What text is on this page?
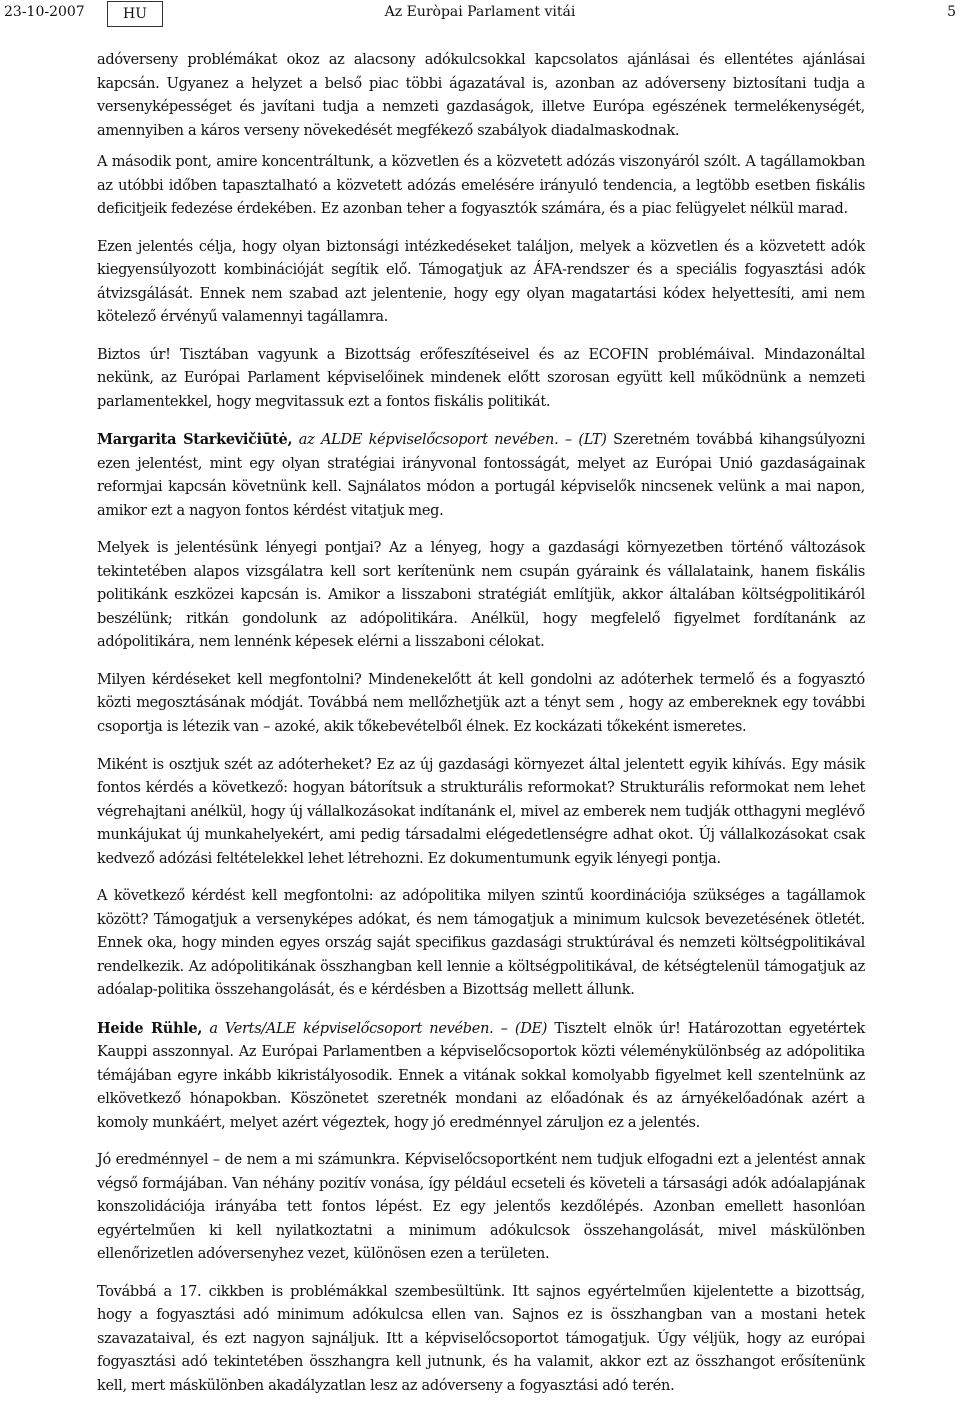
23-10-2007	HU	Az Euròpai Parlament vitái	5

adóverseny problémákat okoz az alacsony adókulcsokkal kapcsolatos ajánlásai és ellentétes ajánlásai kapcsán. Ugyanez a helyzet a belső piac többi ágazatával is, azonban az adóverseny biztosítani tudja a versenyképességet és javítani tudja a nemzeti gazdaságok, illetve Európa egészének termelékenységét, amennyiben a káros verseny növekedését megfékező szabályok diadalmaskodnak.

A második pont, amire koncentráltunk, a közvetlen és a közvetett adózás viszonyáról szólt. A tagállamokban az utóbbi időben tapasztalható a közvetett adózás emelésére irányuló tendencia, a legtöbb esetben fiskális deficitjeik fedezése érdekében. Ez azonban teher a fogyasztók számára, és a piac felügyelet nélkül marad.

Ezen jelentés célja, hogy olyan biztonsági intézkedéseket találjon, melyek a közvetlen és a közvetett adók kiegyensúlyozott kombinációját segítik elő. Támogatjuk az ÁFA-rendszer és a speciális fogyasztási adók átvizsgálását. Ennek nem szabad azt jelentenie, hogy egy olyan magatartási kódex helyettesíti, ami nem kötelező érvényű valamennyi tagállamra.

Biztos úr! Tisztában vagyunk a Bizottság erőfeszítéseivel és az ECOFIN problémáival. Mindazonáltal nekünk, az Európai Parlament képviselőinek mindenek előtt szorosan együtt kell működnünk a nemzeti parlamentekkel, hogy megvitassuk ezt a fontos fiskális politikát.

Margarita Starkevičiūtė, az ALDE képviselőcsoport nevében. – (LT) Szeretném továbbá kihangsúlyozni ezen jelentést, mint egy olyan stratégiai irányvonal fontosságát, melyet az Európai Unió gazdaságainak reformjai kapcsán követnünk kell. Sajnálatos módon a portugál képviselők nincsenek velünk a mai napon, amikor ezt a nagyon fontos kérdést vitatjuk meg.

Melyek is jelentésünk lényegi pontjai? Az a lényeg, hogy a gazdasági környezetben történő változások tekintetében alapos vizsgálatra kell sort kerítenünk nem csupán gyáraink és vállalataink, hanem fiskális politikánk eszközei kapcsán is. Amikor a lisszaboni stratégiát említjük, akkor általában költségpolitikáról beszélünk; ritkán gondolunk az adópolitikára. Anélkül, hogy megfelelő figyelmet fordítanánk az adópolitikára, nem lennénk képesek elérni a lisszaboni célokat.

Milyen kérdéseket kell megfontolni? Mindenekelőtt át kell gondolni az adóterhek termelő és a fogyasztó közti megosztásának módját. Továbbá nem mellőzhetjük azt a tényt sem , hogy az embereknek egy további csoportja is létezik van – azoké, akik tőkebevételből élnek. Ez kockázati tőkeként ismeretes.

Miként is osztjuk szét az adóterheket? Ez az új gazdasági környezet által jelentett egyik kihívás. Egy másik fontos kérdés a következő: hogyan bátorítsuk a strukturális reformokat? Strukturális reformokat nem lehet végrehajtani anélkül, hogy új vállalkozásokat indítanánk el, mivel az emberek nem tudják otthagyni meglévő munkájukat új munkahelyekért, ami pedig társadalmi elégedetlenségre adhat okot. Új vállalkozásokat csak kedvező adózási feltételekkel lehet létrehozni. Ez dokumentumunk egyik lényegi pontja.

A következő kérdést kell megfontolni: az adópolitika milyen szintű koordinációja szükséges a tagállamok között? Támogatjuk a versenyképes adókat, és nem támogatjuk a minimum kulcsok bevezetésének ötletét. Ennek oka, hogy minden egyes ország saját specifikus gazdasági struktúrával és nemzeti költségpolitikával rendelkezik. Az adópolitikának összhangban kell lennie a költségpolitikával, de kétségtelenül támogatjuk az adóalap-politika összehangolását, és e kérdésben a Bizottság mellett állunk.

Heide Rühle, a Verts/ALE képviselőcsoport nevében. – (DE) Tisztelt elnök úr! Határozottan egyetértek Kauppi asszonnyal. Az Európai Parlamentben a képviselőcsoportok közti véleménykülönbség az adópolitika témájában egyre inkább kikristályosodik. Ennek a vitának sokkal komolyabb figyelmet kell szentelnünk az elkövetkező hónapokban. Köszönetet szeretnék mondani az előadónak és az árnyékelőadónak azért a komoly munkáért, melyet azért végeztek, hogy jó eredménnyel záruljon ez a jelentés.

Jó eredménnyel – de nem a mi számunkra. Képviselőcsoportként nem tudjuk elfogadni ezt a jelentést annak végső formájában. Van néhány pozitív vonása, így például ecseteli és követeli a társasági adók adóalapjának konszolidációja irányába tett fontos lépést. Ez egy jelentős kezdőlépés. Azonban emellett hasonlóan egyértelműen ki kell nyilatkoztatni a minimum adókulcsok összehangolását, mivel máskülönben ellenőrizetlen adóversenyhez vezet, különösen ezen a területen.

Továbbá a 17. cikkben is problémákkal szembesültünk. Itt sajnos egyértelműen kijelentette a bizottság, hogy a fogyasztási adó minimum adókulcsa ellen van. Sajnos ez is összhangban van a mostani hetek szavazataival, és ezt nagyon sajnáljuk. Itt a képviselőcsoportot támogatjuk. Úgy véljük, hogy az európai fogyasztási adó tekintetében összhangra kell jutnunk, és ha valamit, akkor ezt az összhangot erősítenünk kell, mert máskülönben akadályzatlan lesz az adóverseny a fogyasztási adó terén.
